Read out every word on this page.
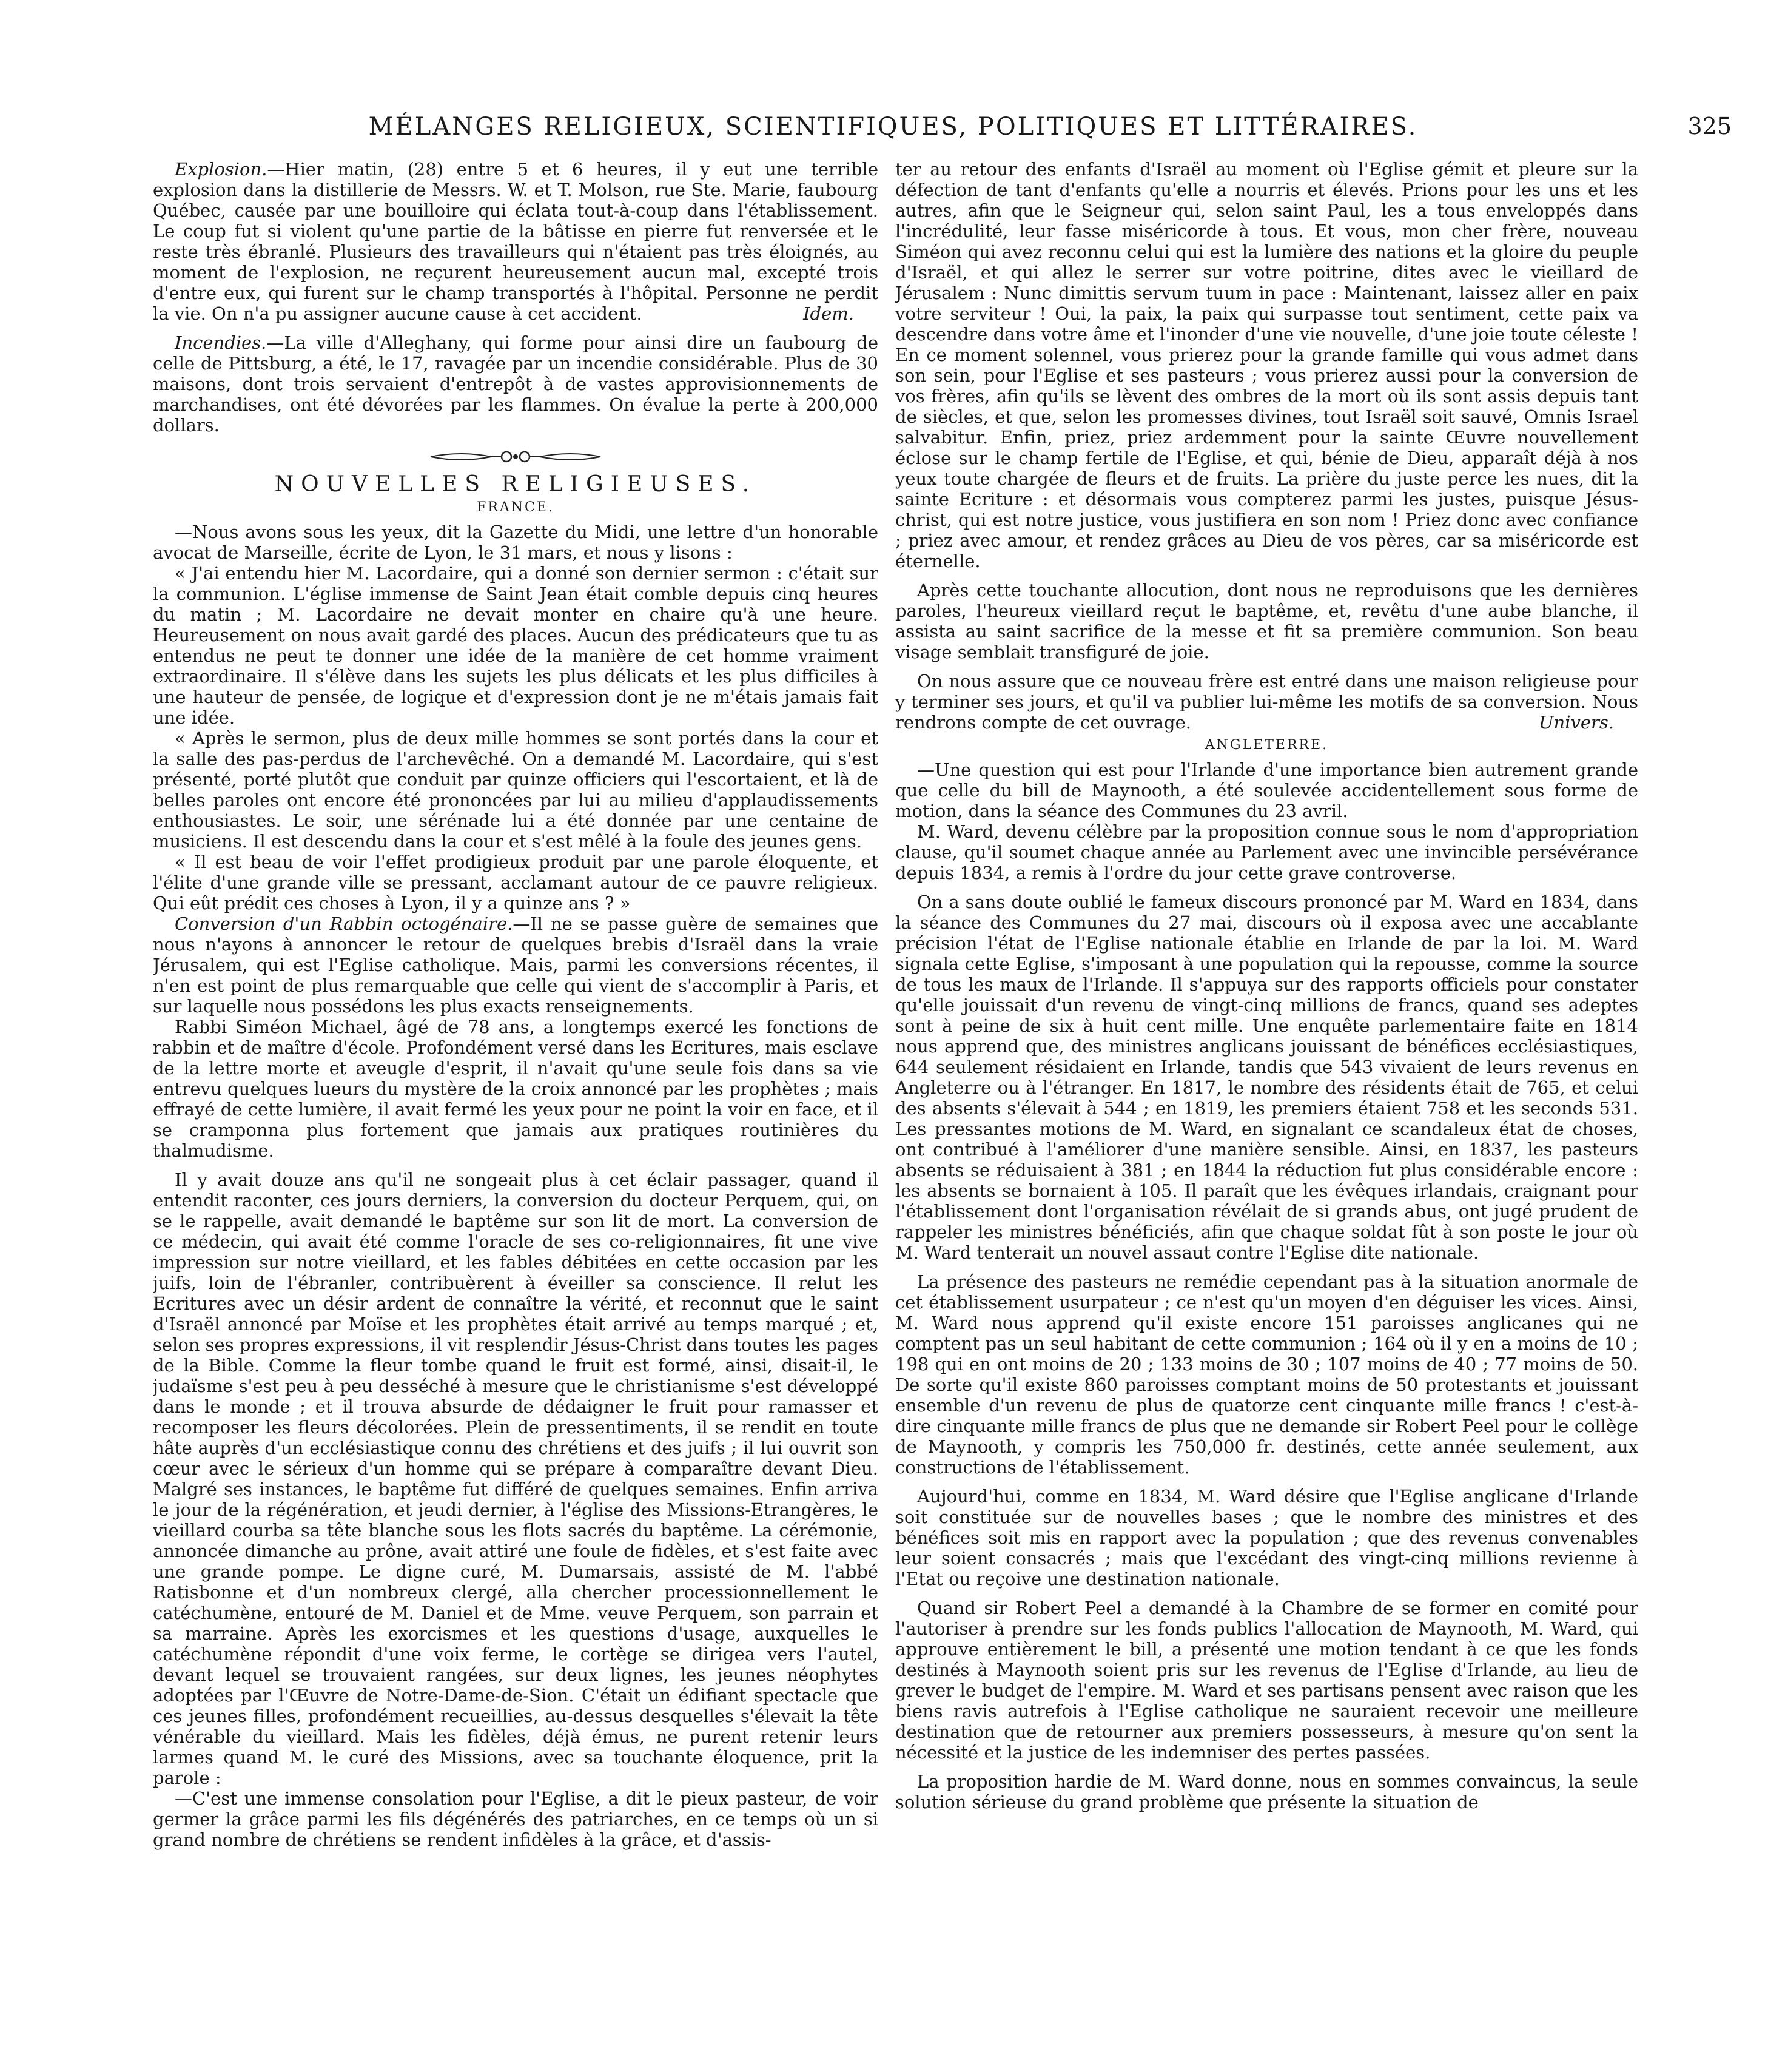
MÉLANGES RELIGIEUX, SCIENTIFIQUES, POLITIQUES ET LITTÉRAIRES.	325

Explosion.—Hier matin, (28) entre 5 et 6 heures, il y eut une terrible explosion dans la distillerie de Messrs. W. et T. Molson, rue Ste. Marie, faubourg Québec, causée par une bouilloire qui éclata tout-à-coup dans l'établissement. Le coup fut si violent qu'une partie de la bâtisse en pierre fut renversée et le reste très ébranlé. Plusieurs des travailleurs qui n'étaient pas très éloignés, au moment de l'explosion, ne reçurent heureusement aucun mal, excepté trois d'entre eux, qui furent sur le champ transportés à l'hôpital. Personne ne perdit la vie. On n'a pu assigner aucune cause à cet accident.	Idem.

Incendies.—La ville d'Alleghany, qui forme pour ainsi dire un faubourg de celle de Pittsburg, a été, le 17, ravagée par un incendie considérable. Plus de 30 maisons, dont trois servaient d'entrepôt à de vastes approvisionnements de marchandises, ont été dévorées par les flammes. On évalue la perte à 200,000 dollars.

NOUVELLES RELIGIEUSES.
FRANCE.

—Nous avons sous les yeux, dit la Gazette du Midi, une lettre d'un honorable avocat de Marseille, écrite de Lyon, le 31 mars, et nous y lisons :

« J'ai entendu hier M. Lacordaire, qui a donné son dernier sermon : c'était sur la communion. L'église immense de Saint Jean était comble depuis cinq heures du matin ; M. Lacordaire ne devait monter en chaire qu'à une heure. Heureusement on nous avait gardé des places. Aucun des prédicateurs que tu as entendus ne peut te donner une idée de la manière de cet homme vraiment extraordinaire. Il s'élève dans les sujets les plus délicats et les plus difficiles à une hauteur de pensée, de logique et d'expression dont je ne m'étais jamais fait une idée.

« Après le sermon, plus de deux mille hommes se sont portés dans la cour et la salle des pas-perdus de l'archevêché. On a demandé M. Lacordaire, qui s'est présenté, porté plutôt que conduit par quinze officiers qui l'escortaient, et là de belles paroles ont encore été prononcées par lui au milieu d'applaudissements enthousiastes. Le soir, une sérénade lui a été donnée par une centaine de musiciens. Il est descendu dans la cour et s'est mêlé à la foule des jeunes gens.

« Il est beau de voir l'effet prodigieux produit par une parole éloquente, et l'élite d'une grande ville se pressant, acclamant autour de ce pauvre religieux. Qui eût prédit ces choses à Lyon, il y a quinze ans ? »

Conversion d'un Rabbin octogénaire.—Il ne se passe guère de semaines que nous n'ayons à annoncer le retour de quelques brebis d'Israël dans la vraie Jérusalem, qui est l'Eglise catholique. Mais, parmi les conversions récentes, il n'en est point de plus remarquable que celle qui vient de s'accomplir à Paris, et sur laquelle nous possédons les plus exacts renseignements.

Rabbi Siméon Michael, âgé de 78 ans, a longtemps exercé les fonctions de rabbin et de maître d'école. Profondément versé dans les Ecritures, mais esclave de la lettre morte et aveugle d'esprit, il n'avait qu'une seule fois dans sa vie entrevu quelques lueurs du mystère de la croix annoncé par les prophètes ; mais effrayé de cette lumière, il avait fermé les yeux pour ne point la voir en face, et il se cramponna plus fortement que jamais aux pratiques routinières du thalmudisme.

Il y avait douze ans qu'il ne songeait plus à cet éclair passager, quand il entendit raconter, ces jours derniers, la conversion du docteur Perquem, qui, on se le rappelle, avait demandé le baptême sur son lit de mort. La conversion de ce médecin, qui avait été comme l'oracle de ses co-religionnaires, fit une vive impression sur notre vieillard, et les fables débitées en cette occasion par les juifs, loin de l'ébranler, contribuèrent à éveiller sa conscience. Il relut les Ecritures avec un désir ardent de connaître la vérité, et reconnut que le saint d'Israël annoncé par Moïse et les prophètes était arrivé au temps marqué ; et, selon ses propres expressions, il vit resplendir Jésus-Christ dans toutes les pages de la Bible. Comme la fleur tombe quand le fruit est formé, ainsi, disait-il, le judaïsme s'est peu à peu desséché à mesure que le christianisme s'est développé dans le monde ; et il trouva absurde de dédaigner le fruit pour ramasser et recomposer les fleurs décolorées. Plein de pressentiments, il se rendit en toute hâte auprès d'un ecclésiastique connu des chrétiens et des juifs ; il lui ouvrit son cœur avec le sérieux d'un homme qui se prépare à comparaître devant Dieu. Malgré ses instances, le baptême fut différé de quelques semaines. Enfin arriva le jour de la régénération, et jeudi dernier, à l'église des Missions-Etrangères, le vieillard courba sa tête blanche sous les flots sacrés du baptême. La cérémonie, annoncée dimanche au prône, avait attiré une foule de fidèles, et s'est faite avec une grande pompe. Le digne curé, M. Dumarsais, assisté de M. l'abbé Ratisbonne et d'un nombreux clergé, alla chercher processionnellement le catéchumène, entouré de M. Daniel et de Mme. veuve Perquem, son parrain et sa marraine. Après les exorcismes et les questions d'usage, auxquelles le catéchumène répondit d'une voix ferme, le cortège se dirigea vers l'autel, devant lequel se trouvaient rangées, sur deux lignes, les jeunes néophytes adoptées par l'Œuvre de Notre-Dame-de-Sion. C'était un édifiant spectacle que ces jeunes filles, profondément recueillies, au-dessus desquelles s'élevait la tête vénérable du vieillard. Mais les fidèles, déjà émus, ne purent retenir leurs larmes quand M. le curé des Missions, avec sa touchante éloquence, prit la parole :

—C'est une immense consolation pour l'Eglise, a dit le pieux pasteur, de voir germer la grâce parmi les fils dégénérés des patriarches, en ce temps où un si grand nombre de chrétiens se rendent infidèles à la grâce, et d'assis-

ter au retour des enfants d'Israël au moment où l'Eglise gémit et pleure sur la défection de tant d'enfants qu'elle a nourris et élevés. Prions pour les uns et les autres, afin que le Seigneur qui, selon saint Paul, les a tous enveloppés dans l'incrédulité, leur fasse miséricorde à tous. Et vous, mon cher frère, nouveau Siméon qui avez reconnu celui qui est la lumière des nations et la gloire du peuple d'Israël, et qui allez le serrer sur votre poitrine, dites avec le vieillard de Jérusalem : Nunc dimittis servum tuum in pace : Maintenant, laissez aller en paix votre serviteur ! Oui, la paix, la paix qui surpasse tout sentiment, cette paix va descendre dans votre âme et l'inonder d'une vie nouvelle, d'une joie toute céleste ! En ce moment solennel, vous prierez pour la grande famille qui vous admet dans son sein, pour l'Eglise et ses pasteurs ; vous prierez aussi pour la conversion de vos frères, afin qu'ils se lèvent des ombres de la mort où ils sont assis depuis tant de siècles, et que, selon les promesses divines, tout Israël soit sauvé, Omnis Israel salvabitur. Enfin, priez, priez ardemment pour la sainte Œuvre nouvellement éclose sur le champ fertile de l'Eglise, et qui, bénie de Dieu, apparaît déjà à nos yeux toute chargée de fleurs et de fruits. La prière du juste perce les nues, dit la sainte Ecriture : et désormais vous compterez parmi les justes, puisque Jésus-christ, qui est notre justice, vous justifiera en son nom ! Priez donc avec confiance ; priez avec amour, et rendez grâces au Dieu de vos pères, car sa miséricorde est éternelle.

Après cette touchante allocution, dont nous ne reproduisons que les dernières paroles, l'heureux vieillard reçut le baptême, et, revêtu d'une aube blanche, il assista au saint sacrifice de la messe et fit sa première communion. Son beau visage semblait transfiguré de joie.

On nous assure que ce nouveau frère est entré dans une maison religieuse pour y terminer ses jours, et qu'il va publier lui-même les motifs de sa conversion. Nous rendrons compte de cet ouvrage.	Univers.

ANGLETERRE.

—Une question qui est pour l'Irlande d'une importance bien autrement grande que celle du bill de Maynooth, a été soulevée accidentellement sous forme de motion, dans la séance des Communes du 23 avril.

M. Ward, devenu célèbre par la proposition connue sous le nom d'appropriation clause, qu'il soumet chaque année au Parlement avec une invincible persévérance depuis 1834, a remis à l'ordre du jour cette grave controverse.

On a sans doute oublié le fameux discours prononcé par M. Ward en 1834, dans la séance des Communes du 27 mai, discours où il exposa avec une accablante précision l'état de l'Eglise nationale établie en Irlande de par la loi. M. Ward signala cette Eglise, s'imposant à une population qui la repousse, comme la source de tous les maux de l'Irlande. Il s'appuya sur des rapports officiels pour constater qu'elle jouissait d'un revenu de vingt-cinq millions de francs, quand ses adeptes sont à peine de six à huit cent mille. Une enquête parlementaire faite en 1814 nous apprend que, des ministres anglicans jouissant de bénéfices ecclésiastiques, 644 seulement résidaient en Irlande, tandis que 543 vivaient de leurs revenus en Angleterre ou à l'étranger. En 1817, le nombre des résidents était de 765, et celui des absents s'élevait à 544 ; en 1819, les premiers étaient 758 et les seconds 531. Les pressantes motions de M. Ward, en signalant ce scandaleux état de choses, ont contribué à l'améliorer d'une manière sensible. Ainsi, en 1837, les pasteurs absents se réduisaient à 381 ; en 1844 la réduction fut plus considérable encore : les absents se bornaient à 105. Il paraît que les évêques irlandais, craignant pour l'établissement dont l'organisation révélait de si grands abus, ont jugé prudent de rappeler les ministres bénéficiés, afin que chaque soldat fût à son poste le jour où M. Ward tenterait un nouvel assaut contre l'Eglise dite nationale.

La présence des pasteurs ne remédie cependant pas à la situation anormale de cet établissement usurpateur ; ce n'est qu'un moyen d'en déguiser les vices. Ainsi, M. Ward nous apprend qu'il existe encore 151 paroisses anglicanes qui ne comptent pas un seul habitant de cette communion ; 164 où il y en a moins de 10 ; 198 qui en ont moins de 20 ; 133 moins de 30 ; 107 moins de 40 ; 77 moins de 50. De sorte qu'il existe 860 paroisses comptant moins de 50 protestants et jouissant ensemble d'un revenu de plus de quatorze cent cinquante mille francs ! c'est-à-dire cinquante mille francs de plus que ne demande sir Robert Peel pour le collège de Maynooth, y compris les 750,000 fr. destinés, cette année seulement, aux constructions de l'établissement.

Aujourd'hui, comme en 1834, M. Ward désire que l'Eglise anglicane d'Irlande soit constituée sur de nouvelles bases ; que le nombre des ministres et des bénéfices soit mis en rapport avec la population ; que des revenus convenables leur soient consacrés ; mais que l'excédant des vingt-cinq millions revienne à l'Etat ou reçoive une destination nationale.

Quand sir Robert Peel a demandé à la Chambre de se former en comité pour l'autoriser à prendre sur les fonds publics l'allocation de Maynooth, M. Ward, qui approuve entièrement le bill, a présenté une motion tendant à ce que les fonds destinés à Maynooth soient pris sur les revenus de l'Eglise d'Irlande, au lieu de grever le budget de l'empire. M. Ward et ses partisans pensent avec raison que les biens ravis autrefois à l'Eglise catholique ne sauraient recevoir une meilleure destination que de retourner aux premiers possesseurs, à mesure qu'on sent la nécessité et la justice de les indemniser des pertes passées.

La proposition hardie de M. Ward donne, nous en sommes convaincus, la seule solution sérieuse du grand problème que présente la situation de
